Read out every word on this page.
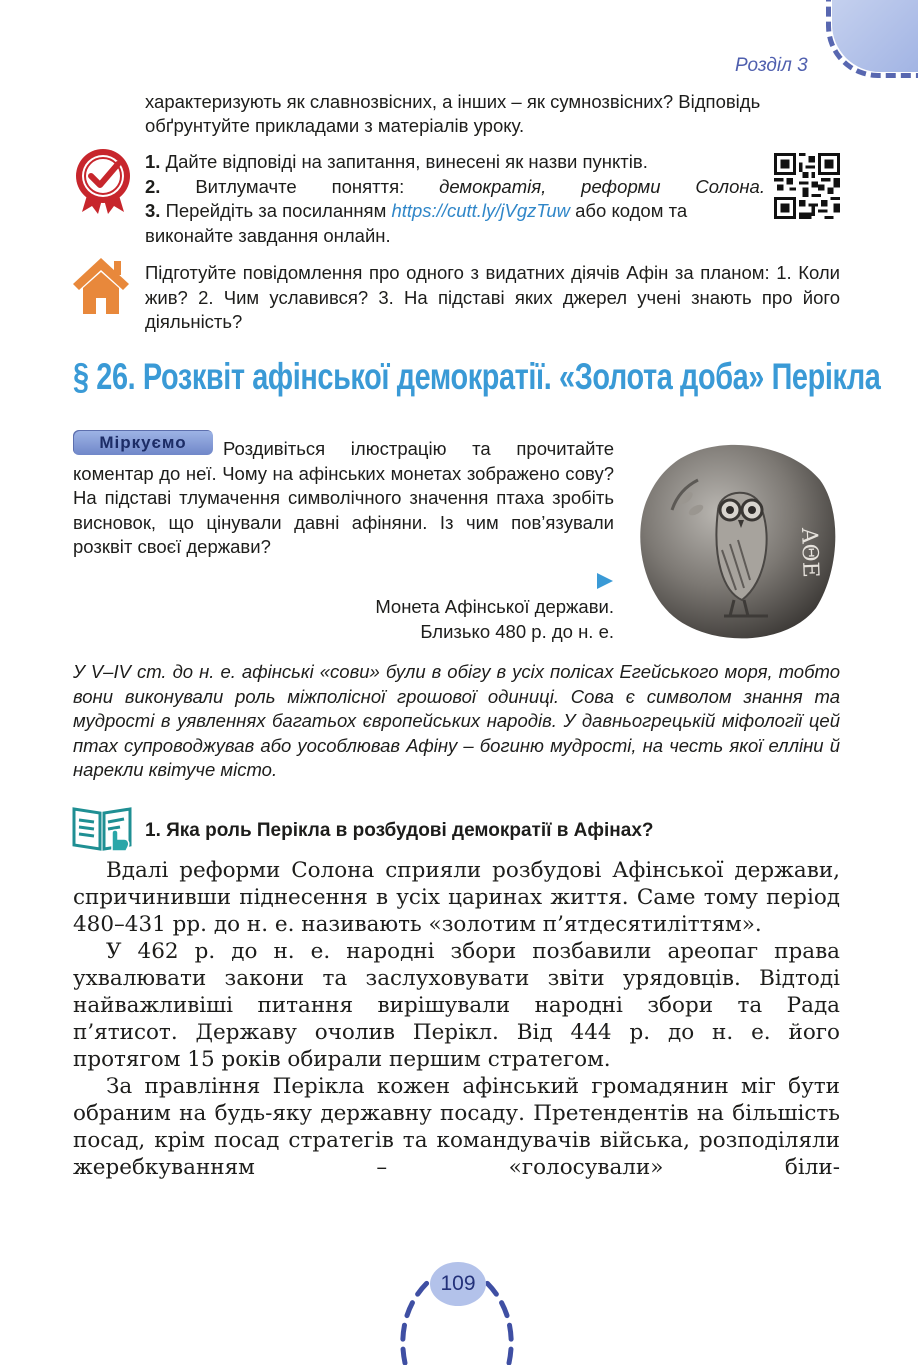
Розділ 3
характеризують як славнозвісних, а інших – як сумнозвісних? Відповідь обґрунтуйте прикладами з матеріалів уроку.
1. Дайте відповіді на запитання, винесені як назви пунктів.
2. Витлумачте поняття: демократія, реформи Солона.
3. Перейдіть за посиланням https://cutt.ly/jVgzTuw або кодом та виконайте завдання онлайн.
Підготуйте повідомлення про одного з видатних діячів Афін за планом: 1. Коли жив? 2. Чим уславився? 3. На підставі яких джерел учені знають про його діяльність?
§ 26. Розквіт афінської демократії. «Золота доба» Перікла
Роздивіться ілюстрацію та прочитайте коментар до неї. Чому на афінських монетах зображено сову? На підставі тлумачення символічного значення птаха зробіть висновок, що цінували давні афіняни. Із чим пов’язували розквіт своєї держави?
Міркуємо
ΑΘΕ
Монета Афінської держави.
Близько 480 р. до н. е.
У V–IV ст. до н. е. афінські «сови» були в обігу в усіх полісах Егейського моря, тобто вони виконували роль міжполісної грошової одиниці. Сова є символом знання та мудрості в уявленнях багатьох європейських народів. У давньогрецькій міфології цей птах супроводжував або уособлював Афіну – богиню мудрості, на честь якої елліни й нарекли квітуче місто.
1. Яка роль Перікла в розбудові демократії в Афінах?

Вдалі реформи Солона сприяли розбудові Афінської держави, спричинивши піднесення в усіх царинах життя. Саме тому період 480–431 рр. до н. е. називають «золотим п’ятдесятиліттям».

У 462 р. до н. е. народні збори позбавили ареопаг права ухвалювати закони та заслуховувати звіти урядовців. Відтоді найважливіші питання вирішували народні збори та Рада п’ятисот. Державу очолив Перікл. Від 444 р. до н. е. його протягом 15 років обирали першим стратегом.

За правління Перікла кожен афінський громадянин міг бути обраним на будь-яку державну посаду. Претендентів на більшість посад, крім посад стратегів та командувачів війська, розподіляли жеребкуванням – «голосували» біли-

109
